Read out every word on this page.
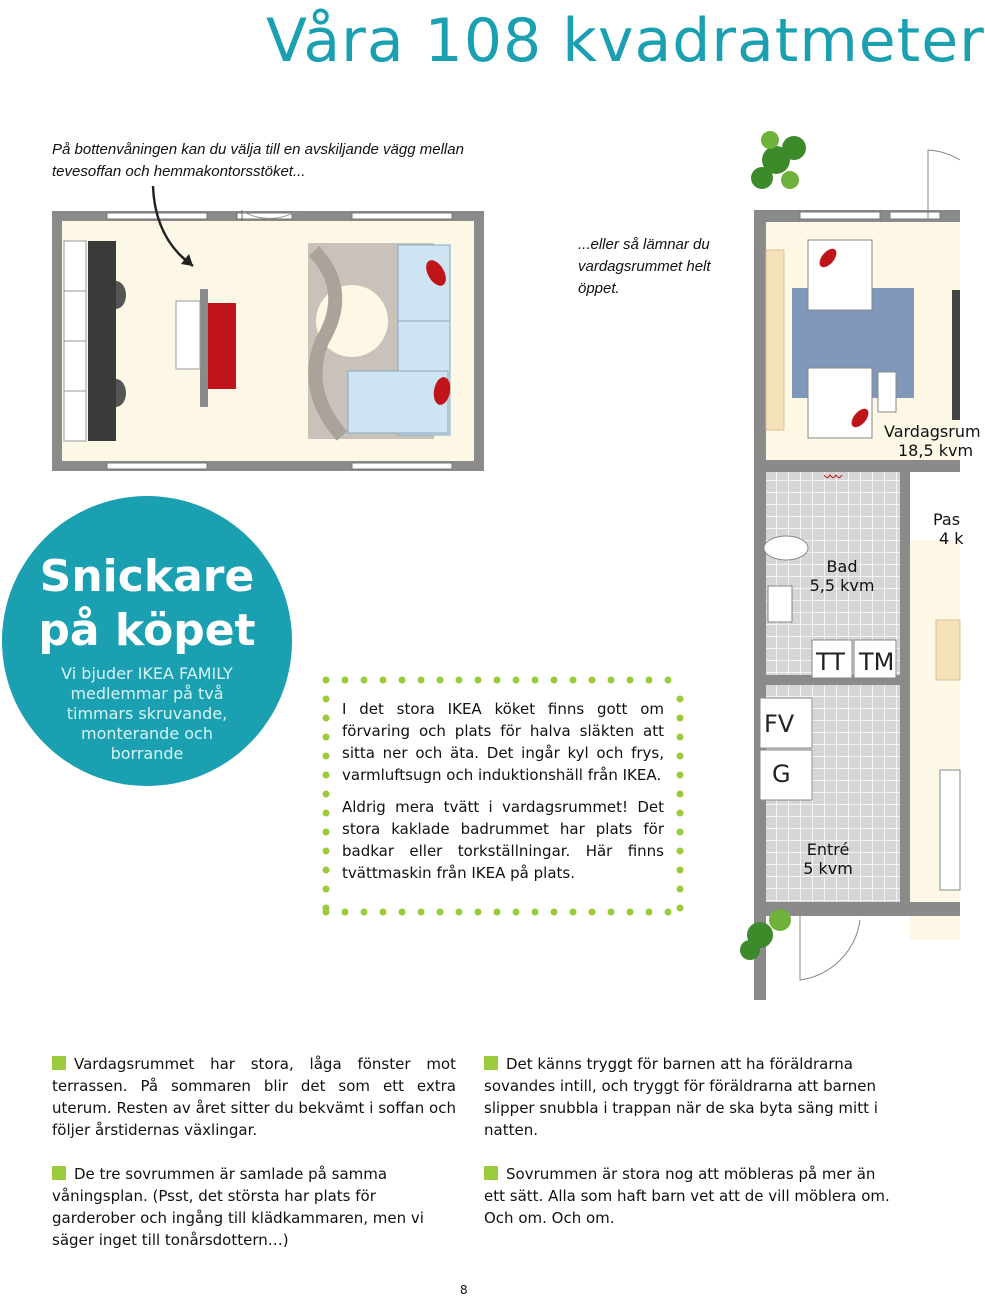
Våra 108 kvadratmeter
På bottenvåningen kan du välja till en avskiljande vägg mellan tevesoffan och hemmakontorsstöket...
...eller så lämnar du vardagsrummet helt öppet.
Vardagsrum
18,5 kvm
Pas
4 k
Bad
5,5 kvm
TT TM
FV
G
Entré
5 kvm
Snickare
på köpet
Vi bjuder IKEA FAMILY medlemmar på två timmars skruvande, monterande och borrande

I det stora IKEA köket finns gott om förvaring och plats för halva släkten att sitta ner och äta. Det ingår kyl och frys, varmluftsugn och induktionshäll från IKEA.

Aldrig mera tvätt i vardagsrummet! Det stora kaklade badrummet har plats för badkar eller torkställningar. Här finns tvättmaskin från IKEA på plats.

Vardagsrummet har stora, låga fönster mot terrassen. På sommaren blir det som ett extra uterum. Resten av året sitter du bekvämt i soffan och följer årstidernas växlingar.
De tre sovrummen är samlade på samma våningsplan. (Psst, det största har plats för garderober och ingång till klädkammaren, men vi säger inget till tonårsdottern…)
Det känns tryggt för barnen att ha föräldrarna sovandes intill, och tryggt för föräldrarna att barnen slipper snubbla i trappan när de ska byta säng mitt i natten.
Sovrummen är stora nog att möbleras på mer än ett sätt. Alla som haft barn vet att de vill möblera om. Och om. Och om.
8
